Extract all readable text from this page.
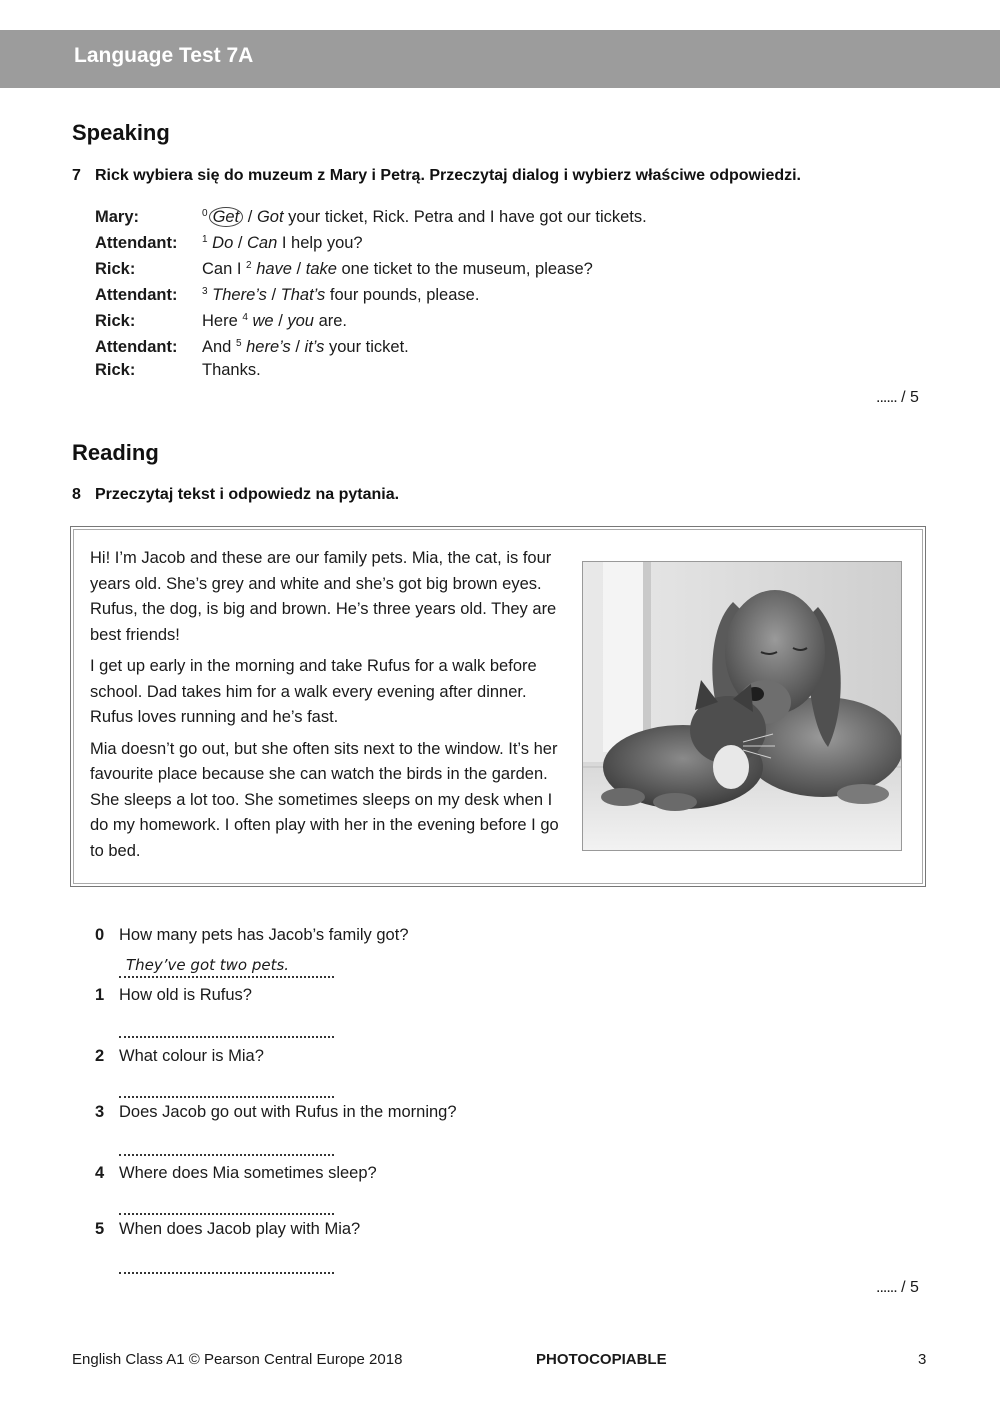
Language Test 7A
Speaking
7 Rick wybiera się do muzeum z Mary i Petrą. Przeczytaj dialog i wybierz właściwe odpowiedzi.
Mary:	$^0$ Get / Got your ticket, Rick. Petra and I have got our tickets.
Attendant: $^1$ Do / Can I help you?
Rick:	Can I $^2$ have / take one ticket to the museum, please?
Attendant: $^3$ There’s / That’s four pounds, please.
Rick:	Here $^4$ we / you are.
Attendant: And $^5$ here’s / it’s your ticket.
Rick:	Thanks.
...... / 5
Reading
8 Przeczytaj tekst i odpowiedz na pytania.

Hi! I’m Jacob and these are our family pets. Mia, the cat, is four years old. She’s grey and white and she’s got big brown eyes. Rufus, the dog, is big and brown. He’s three years old. They are best friends!

I get up early in the morning and take Rufus for a walk before school. Dad takes him for a walk every evening after dinner. Rufus loves running and he’s fast.

Mia doesn’t go out, but she often sits next to the window. It’s her favourite place because she can watch the birds in the garden. She sleeps a lot too. She sometimes sleeps on my desk when I do my homework. I often play with her in the evening before I go to bed.

0 How many pets has Jacob’s family got?
They’ve got two pets.
1 How old is Rufus?
2 What colour is Mia?
3 Does Jacob go out with Rufus in the morning?
4 Where does Mia sometimes sleep?
5 When does Jacob play with Mia?
...... / 5
English Class A1 © Pearson Central Europe 2018	PHOTOCOPIABLE	3
